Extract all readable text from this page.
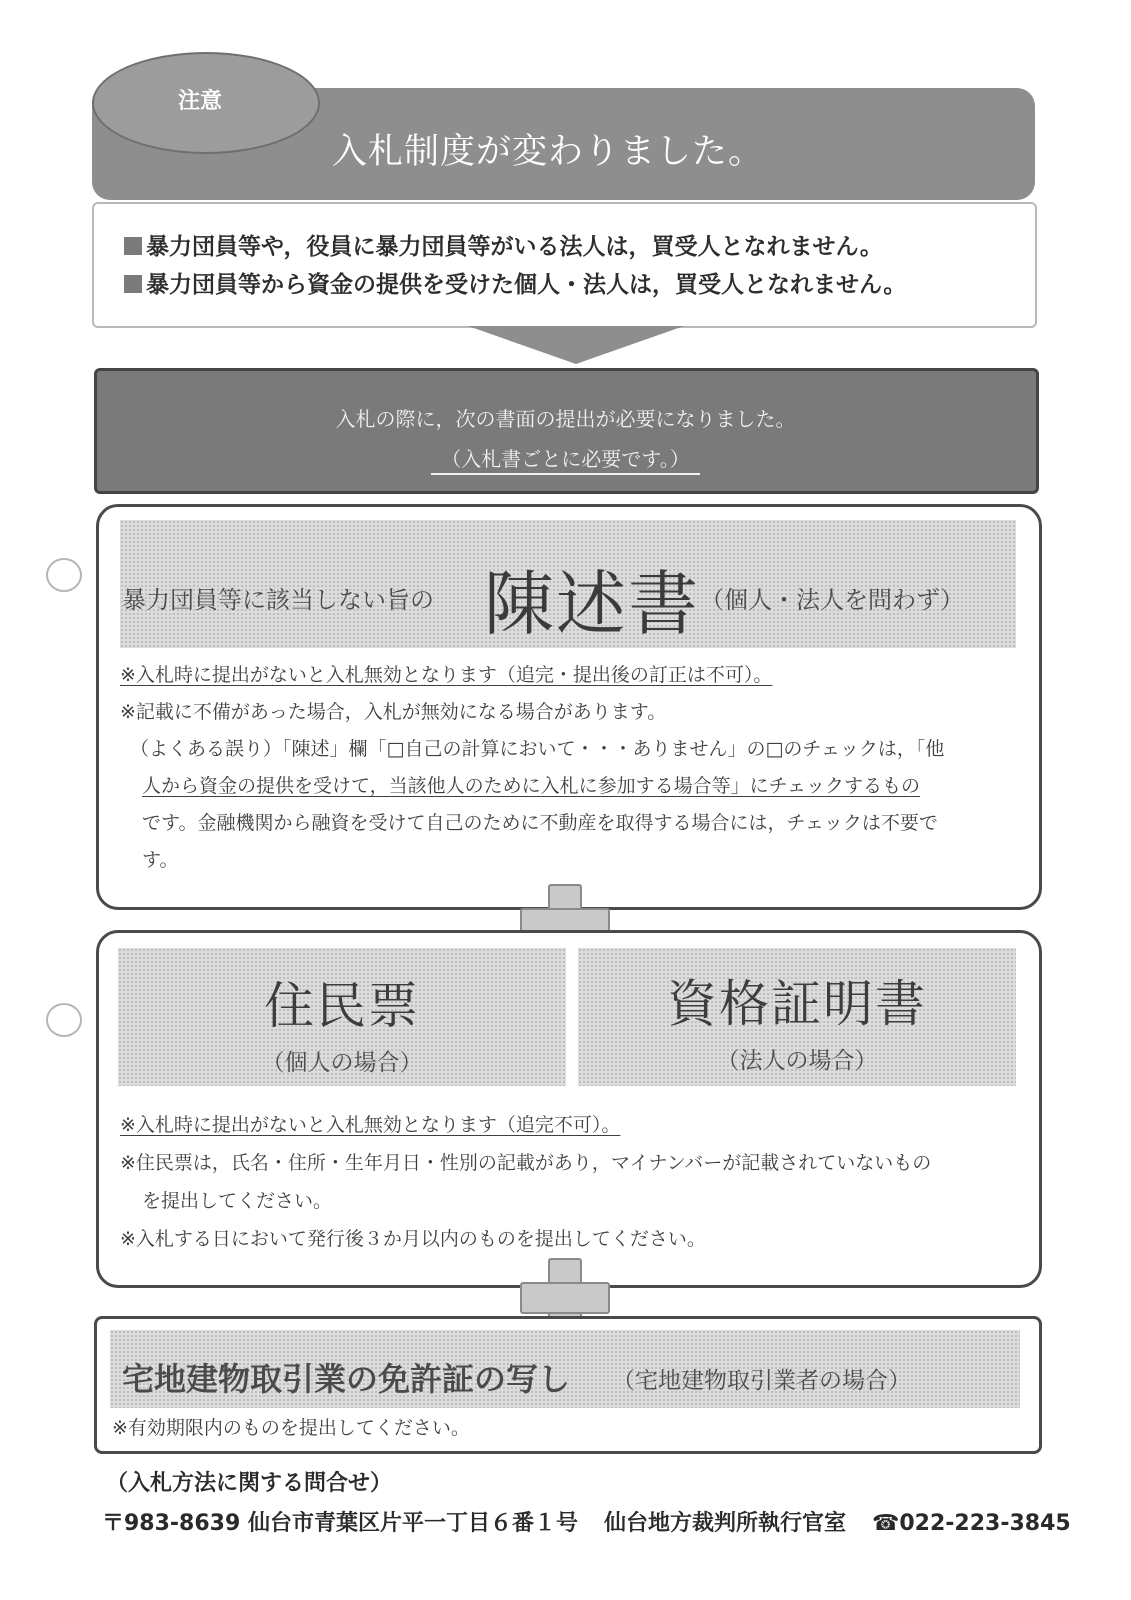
注意
入札制度が変わりました。
暴力団員等や，役員に暴力団員等がいる法人は，買受人となれません。
暴力団員等から資金の提供を受けた個人・法人は，買受人となれません。
入札の際に，次の書面の提出が必要になりました。
（入札書ごとに必要です。）
暴力団員等に該当しない旨の 陳述書 （個人・法人を問わず）
※入札時に提出がないと入札無効となります（追完・提出後の訂正は不可）。
※記載に不備があった場合，入札が無効になる場合があります。
（よくある誤り）「陳述」欄「□自己の計算において・・・ありません」の□のチェックは，「他
人から資金の提供を受けて，当該他人のために入札に参加する場合等」にチェックするもの
です。金融機関から融資を受けて自己のために不動産を取得する場合には，チェックは不要で
す。
住民票
（個人の場合）
資格証明書
（法人の場合）
※入札時に提出がないと入札無効となります（追完不可）。
※住民票は，氏名・住所・生年月日・性別の記載があり，マイナンバーが記載されていないもの
を提出してください。
※入札する日において発行後３か月以内のものを提出してください。
宅地建物取引業の免許証の写し （宅地建物取引業者の場合）
※有効期限内のものを提出してください。
（入札方法に関する問合せ）
〒983-8639 仙台市青葉区片平一丁目６番１号 仙台地方裁判所執行官室 ☎022-223-3845
